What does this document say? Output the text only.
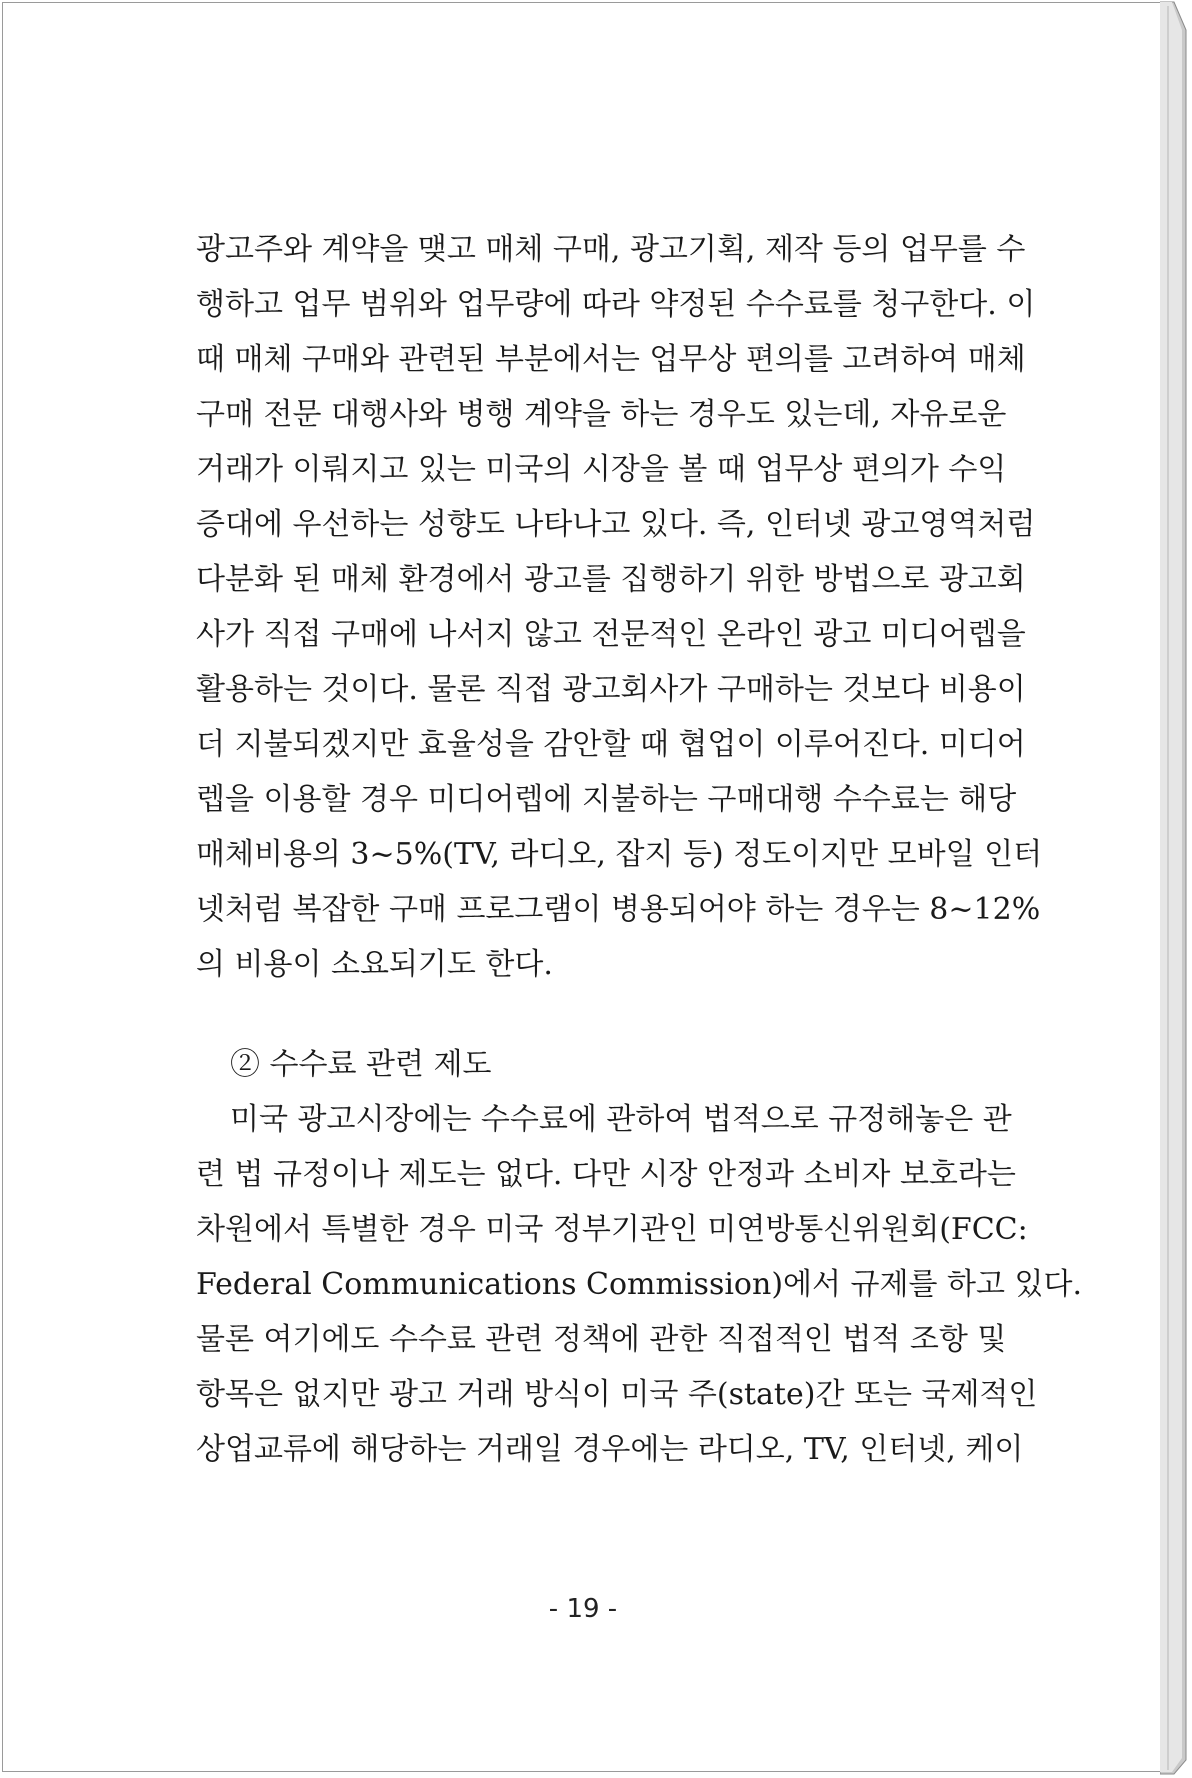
광고주와 계약을 맺고 매체 구매, 광고기획, 제작 등의 업무를 수
행하고 업무 범위와 업무량에 따라 약정된 수수료를 청구한다. 이
때 매체 구매와 관련된 부분에서는 업무상 편의를 고려하여 매체
구매 전문 대행사와 병행 계약을 하는 경우도 있는데, 자유로운
거래가 이뤄지고 있는 미국의 시장을 볼 때 업무상 편의가 수익
증대에 우선하는 성향도 나타나고 있다. 즉, 인터넷 광고영역처럼
다분화 된 매체 환경에서 광고를 집행하기 위한 방법으로 광고회
사가 직접 구매에 나서지 않고 전문적인 온라인 광고 미디어렙을
활용하는 것이다. 물론 직접 광고회사가 구매하는 것보다 비용이
더 지불되겠지만 효율성을 감안할 때 협업이 이루어진다. 미디어
렙을 이용할 경우 미디어렙에 지불하는 구매대행 수수료는 해당
매체비용의 3~5%(TV, 라디오, 잡지 등) 정도이지만 모바일 인터
넷처럼 복잡한 구매 프로그램이 병용되어야 하는 경우는 8~12%
의 비용이 소요되기도 한다.
② 수수료 관련 제도
미국 광고시장에는 수수료에 관하여 법적으로 규정해놓은 관
련 법 규정이나 제도는 없다. 다만 시장 안정과 소비자 보호라는
차원에서 특별한 경우 미국 정부기관인 미연방통신위원회(FCC:
Federal Communications Commission)에서 규제를 하고 있다.
물론 여기에도 수수료 관련 정책에 관한 직접적인 법적 조항 및
항목은 없지만 광고 거래 방식이 미국 주(state)간 또는 국제적인
상업교류에 해당하는 거래일 경우에는 라디오, TV, 인터넷, 케이
- 19 -
